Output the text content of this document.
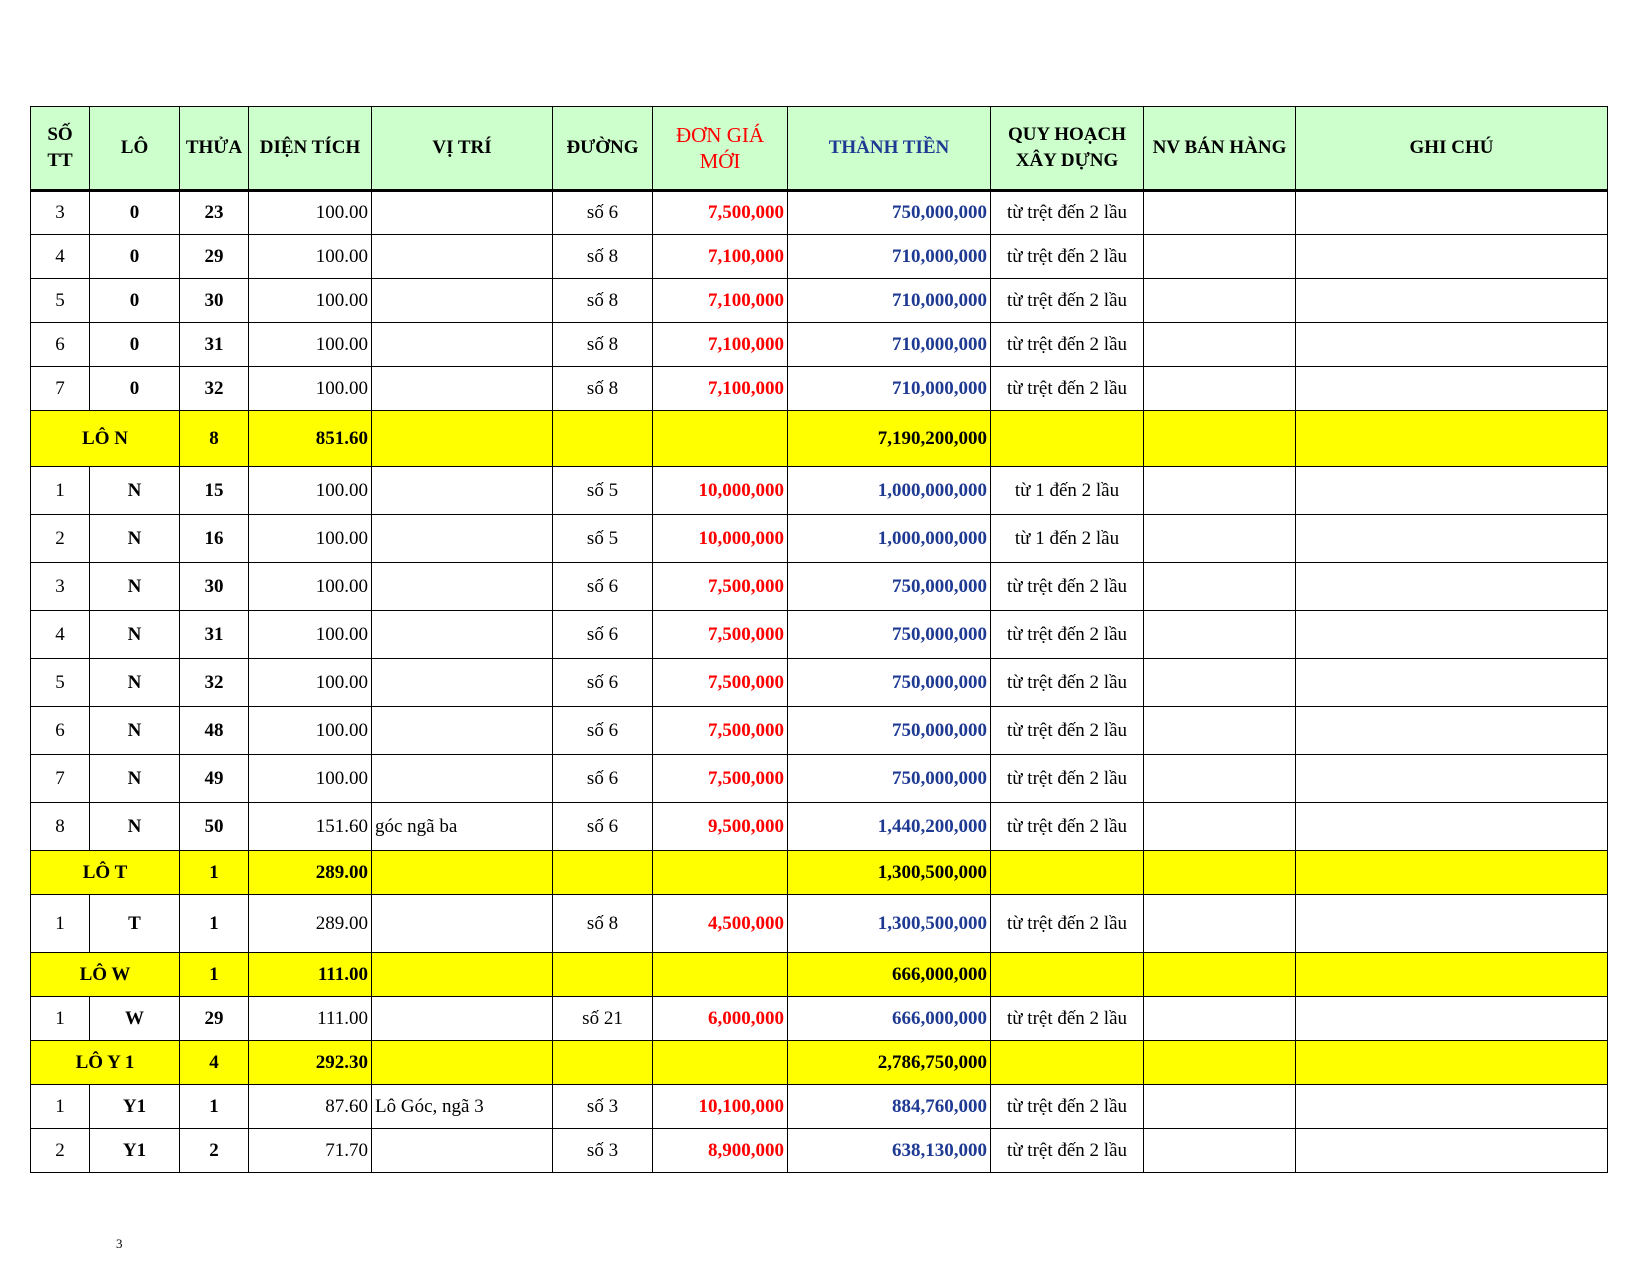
SỐ TT	LÔ	THỬA	DIỆN TÍCH	VỊ TRÍ	ĐƯỜNG	ĐƠN GIÁ MỚI	THÀNH TIỀN	QUY HOẠCH XÂY DỰNG	NV BÁN HÀNG	GHI CHÚ
3	0	23	100.00		số 6	7,500,000	750,000,000	từ trệt đến 2 lầu		
4	0	29	100.00		số 8	7,100,000	710,000,000	từ trệt đến 2 lầu		
5	0	30	100.00		số 8	7,100,000	710,000,000	từ trệt đến 2 lầu		
6	0	31	100.00		số 8	7,100,000	710,000,000	từ trệt đến 2 lầu		
7	0	32	100.00		số 8	7,100,000	710,000,000	từ trệt đến 2 lầu		
LÔ N		8	851.60				7,190,200,000			
1	N	15	100.00		số 5	10,000,000	1,000,000,000	từ 1 đến 2 lầu		
2	N	16	100.00		số 5	10,000,000	1,000,000,000	từ 1 đến 2 lầu		
3	N	30	100.00		số 6	7,500,000	750,000,000	từ trệt đến 2 lầu		
4	N	31	100.00		số 6	7,500,000	750,000,000	từ trệt đến 2 lầu		
5	N	32	100.00		số 6	7,500,000	750,000,000	từ trệt đến 2 lầu		
6	N	48	100.00		số 6	7,500,000	750,000,000	từ trệt đến 2 lầu		
7	N	49	100.00		số 6	7,500,000	750,000,000	từ trệt đến 2 lầu		
8	N	50	151.60	góc ngã ba	số 6	9,500,000	1,440,200,000	từ trệt đến 2 lầu		
LÔ T		1	289.00				1,300,500,000			
1	T	1	289.00		số 8	4,500,000	1,300,500,000	từ trệt đến 2 lầu		
LÔ W		1	111.00				666,000,000			
1	W	29	111.00		số 21	6,000,000	666,000,000	từ trệt đến 2 lầu		
LÔ Y 1		4	292.30				2,786,750,000			
1	Y1	1	87.60	Lô Góc, ngã 3	số 3	10,100,000	884,760,000	từ trệt đến 2 lầu		
2	Y1	2	71.70		số 3	8,900,000	638,130,000	từ trệt đến 2 lầu		
3
